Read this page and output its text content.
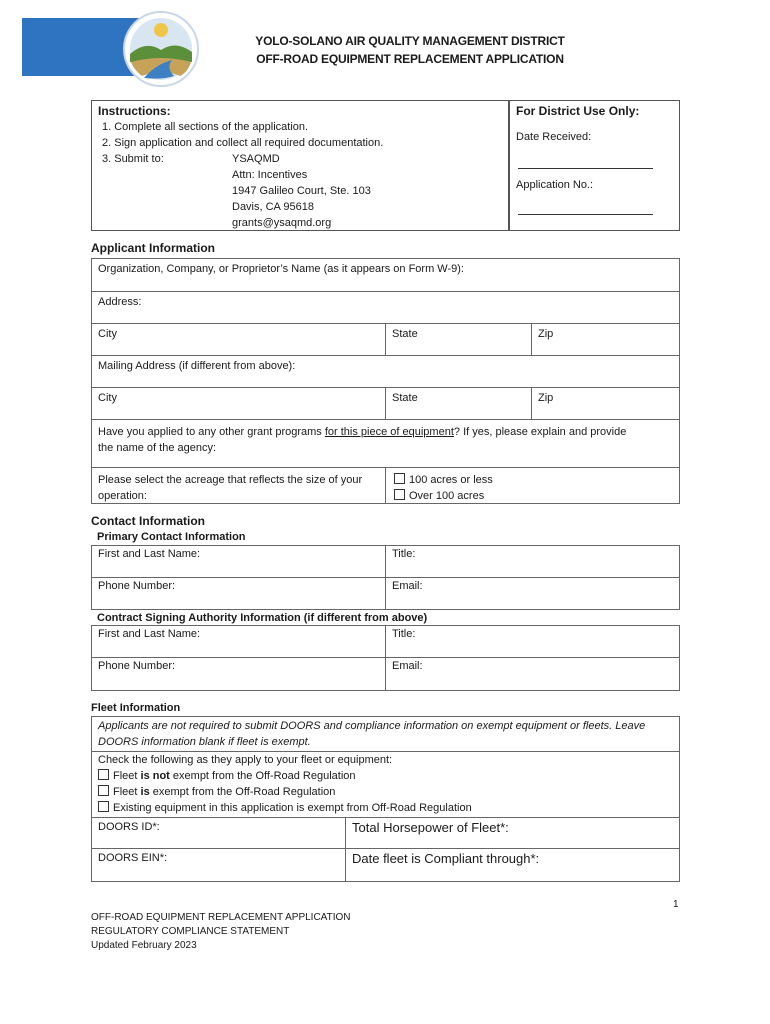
YOLO-SOLANO AIR QUALITY MANAGEMENT DISTRICT
OFF-ROAD EQUIPMENT REPLACEMENT APPLICATION
Instructions:
1. Complete all sections of the application.
2. Sign application and collect all required documentation.
3. Submit to:	YSAQMD
Attn: Incentives
1947 Galileo Court, Ste. 103
Davis, CA 95618
grants@ysaqmd.org
For District Use Only:
Date Received:
Application No.:
Applicant Information
Organization, Company, or Proprietor’s Name (as it appears on Form W-9):
Address:
City	State	Zip
Mailing Address (if different from above):
City	State	Zip
Have you applied to any other grant programs for this piece of equipment? If yes, please explain and provide
the name of the agency:
Please select the acreage that reflects the size of your
operation:
100 acres or less
Over 100 acres
Contact Information
Primary Contact Information
First and Last Name:	Title:
Phone Number:	Email:
Contract Signing Authority Information (if different from above)
First and Last Name:	Title:
Phone Number:	Email:
Fleet Information
Applicants are not required to submit DOORS and compliance information on exempt equipment or fleets. Leave
DOORS information blank if fleet is exempt.
Check the following as they apply to your fleet or equipment:
Fleet is not exempt from the Off-Road Regulation
Fleet is exempt from the Off-Road Regulation
Existing equipment in this application is exempt from Off-Road Regulation
DOORS ID*:	Total Horsepower of Fleet*:
DOORS EIN*:	Date fleet is Compliant through*:
1
OFF-ROAD EQUIPMENT REPLACEMENT APPLICATION
REGULATORY COMPLIANCE STATEMENT
Updated February 2023
